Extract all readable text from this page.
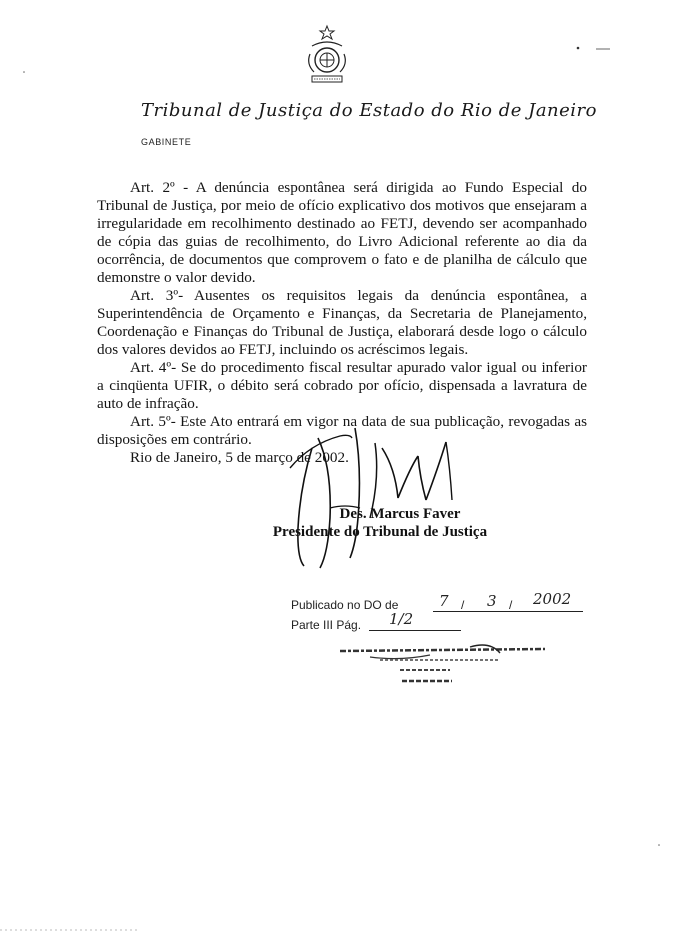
Tribunal de Justiça do Estado do Rio de Janeiro
GABINETE

Art. 2º - A denúncia espontânea será dirigida ao Fundo Especial do Tribunal de Justiça, por meio de ofício explicativo dos motivos que ensejaram a irregularidade em recolhimento destinado ao FETJ, devendo ser acompanhado de cópia das guias de recolhimento, do Livro Adicional referente ao dia da ocorrência, de documentos que comprovem o fato e de planilha de cálculo que demonstre o valor devido.

Art. 3º- Ausentes os requisitos legais da denúncia espontânea, a Superintendência de Orçamento e Finanças, da Secretaria de Planejamento, Coordenação e Finanças do Tribunal de Justiça, elaborará desde logo o cálculo dos valores devidos ao FETJ, incluindo os acréscimos legais.

Art. 4º- Se do procedimento fiscal resultar apurado valor igual ou inferior a cinqüenta UFIR, o débito será cobrado por ofício, dispensada a lavratura de auto de infração.

Art. 5º- Este Ato entrará em vigor na data de sua publicação, revogadas as disposições em contrário.

Rio de Janeiro, 5 de março de 2002.

Des. Marcus Faver
Presidente do Tribunal de Justiça
Publicado no DO de	7 / 3 / 2002
Parte III Pág. 1/2
